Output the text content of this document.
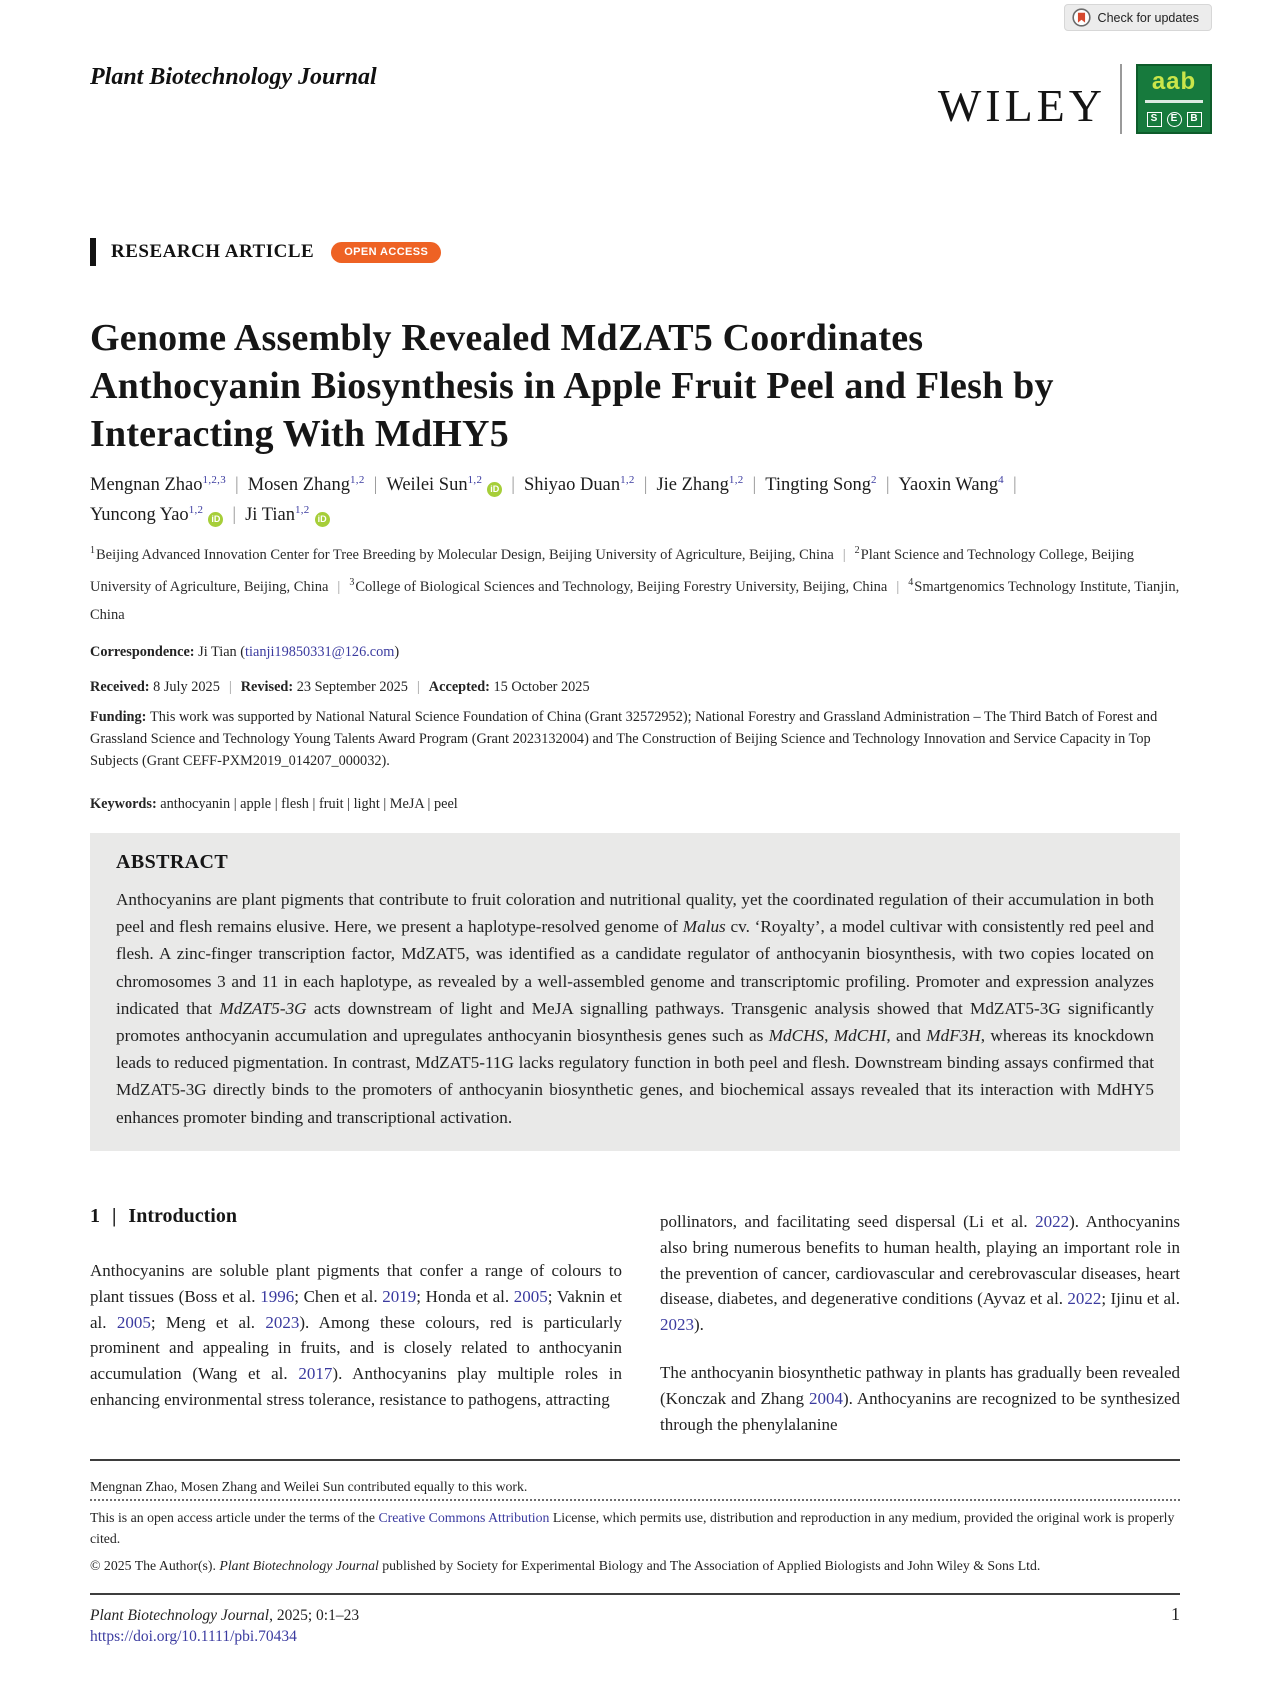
Check for updates
Plant Biotechnology Journal
WILEY aab
S	E	B
RESEARCH ARTICLE	OPEN ACCESS
Genome Assembly Revealed MdZAT5 Coordinates Anthocyanin Biosynthesis in Apple Fruit Peel and Flesh by Interacting With MdHY5
Mengnan Zhao$^{1,2,3}$ | Mosen Zhang$^{1,2}$ | Weilei Sun$^{1,2}$iD | Shiyao Duan$^{1,2}$ | Jie Zhang$^{1,2}$ | Tingting Song$^2$ | Yaoxin Wang$^4$ |
Yuncong Yao$^{1,2}$iD | Ji Tian$^{1,2}$iD
$^1$Beijing Advanced Innovation Center for Tree Breeding by Molecular Design, Beijing University of Agriculture, Beijing, China | $^2$Plant Science and Technology College, Beijing University of Agriculture, Beijing, China | $^3$College of Biological Sciences and Technology, Beijing Forestry University, Beijing, China | $^4$Smartgenomics Technology Institute, Tianjin, China
Correspondence: Ji Tian (tianji19850331@126.com)
Received: 8 July 2025 | Revised: 23 September 2025 | Accepted: 15 October 2025
Funding: This work was supported by National Natural Science Foundation of China (Grant 32572952); National Forestry and Grassland Administration – The Third Batch of Forest and Grassland Science and Technology Young Talents Award Program (Grant 2023132004) and The Construction of Beijing Science and Technology Innovation and Service Capacity in Top Subjects (Grant CEFF-PXM2019_014207_000032).
Keywords: anthocyanin | apple | flesh | fruit | light | MeJA | peel
ABSTRACT

Anthocyanins are plant pigments that contribute to fruit coloration and nutritional quality, yet the coordinated regulation of their accumulation in both peel and flesh remains elusive. Here, we present a haplotype-resolved genome of Malus cv. ‘Royalty’, a model cultivar with consistently red peel and flesh. A zinc-finger transcription factor, MdZAT5, was identified as a candidate regulator of anthocyanin biosynthesis, with two copies located on chromosomes 3 and 11 in each haplotype, as revealed by a well-assembled genome and transcriptomic profiling. Promoter and expression analyzes indicated that MdZAT5-3G acts downstream of light and MeJA signalling pathways. Transgenic analysis showed that MdZAT5-3G significantly promotes anthocyanin accumulation and upregulates anthocyanin biosynthesis genes such as MdCHS, MdCHI, and MdF3H, whereas its knockdown leads to reduced pigmentation. In contrast, MdZAT5-11G lacks regulatory function in both peel and flesh. Downstream binding assays confirmed that MdZAT5-3G directly binds to the promoters of anthocyanin biosynthetic genes, and biochemical assays revealed that its interaction with MdHY5 enhances promoter binding and transcriptional activation.

1 | Introduction

Anthocyanins are soluble plant pigments that confer a range of colours to plant tissues (Boss et al. 1996; Chen et al. 2019; Honda et al. 2005; Vaknin et al. 2005; Meng et al. 2023). Among these colours, red is particularly prominent and appealing in fruits, and is closely related to anthocyanin accumulation (Wang et al. 2017). Anthocyanins play multiple roles in enhancing environmental stress tolerance, resistance to pathogens, attracting

pollinators, and facilitating seed dispersal (Li et al. 2022). Anthocyanins also bring numerous benefits to human health, playing an important role in the prevention of cancer, cardiovascular and cerebrovascular diseases, heart disease, diabetes, and degenerative conditions (Ayvaz et al. 2022; Ijinu et al. 2023).

The anthocyanin biosynthetic pathway in plants has gradually been revealed (Konczak and Zhang 2004). Anthocyanins are recognized to be synthesized through the phenylalanine

Mengnan Zhao, Mosen Zhang and Weilei Sun contributed equally to this work.
This is an open access article under the terms of the Creative Commons Attribution License, which permits use, distribution and reproduction in any medium, provided the original work is properly cited.
© 2025 The Author(s). Plant Biotechnology Journal published by Society for Experimental Biology and The Association of Applied Biologists and John Wiley & Sons Ltd.
Plant Biotechnology Journal, 2025; 0:1–23
https://doi.org/10.1111/pbi.70434
1
